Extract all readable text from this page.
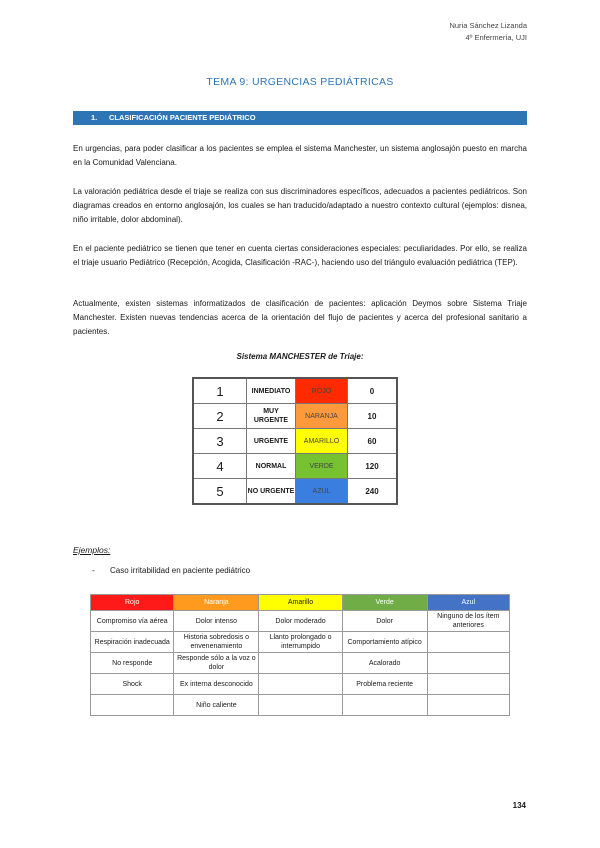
Nuria Sánchez Lizanda
4º Enfermería, UJI
TEMA 9: URGENCIAS PEDIÁTRICAS
1. CLASIFICACIÓN PACIENTE PEDIÁTRICO
En urgencias, para poder clasificar a los pacientes se emplea el sistema Manchester, un sistema anglosajón puesto en marcha en la Comunidad Valenciana.
La valoración pediátrica desde el triaje se realiza con sus discriminadores específicos, adecuados a pacientes pediátricos. Son diagramas creados en entorno anglosajón, los cuales se han traducido/adaptado a nuestro contexto cultural (ejemplos: disnea, niño irritable, dolor abdominal).
En el paciente pediátrico se tienen que tener en cuenta ciertas consideraciones especiales: peculiaridades. Por ello, se realiza el triaje usuario Pediátrico (Recepción, Acogida, Clasificación -RAC-), haciendo uso del triángulo evaluación pediátrica (TEP).
Actualmente, existen sistemas informatizados de clasificación de pacientes: aplicación Deymos sobre Sistema Triaje Manchester. Existen nuevas tendencias acerca de la orientación del flujo de pacientes y acerca del profesional sanitario a pacientes.
Sistema MANCHESTER de Triaje:
1	INMEDIATO	ROJO	0
2	MUY URGENTE	NARANJA	10
3	URGENTE	AMARILLO	60
4	NORMAL	VERDE	120
5	NO URGENTE	AZUL	240
Ejemplos:
- Caso irritabilidad en paciente pediátrico
Rojo	Naranja	Amarillo	Verde	Azul
Compromiso vía aérea	Dolor intenso	Dolor moderado	Dolor	Ninguno de los ítem anteriores
Respiración inadecuada	Historia sobredosis o envenenamiento	Llanto prolongado o interrumpido	Comportamiento atípico	
No responde	Responde sólo a la voz o dolor		Acalorado	
Shock	Ex interna desconocido		Problema reciente	
	Niño caliente			
134
